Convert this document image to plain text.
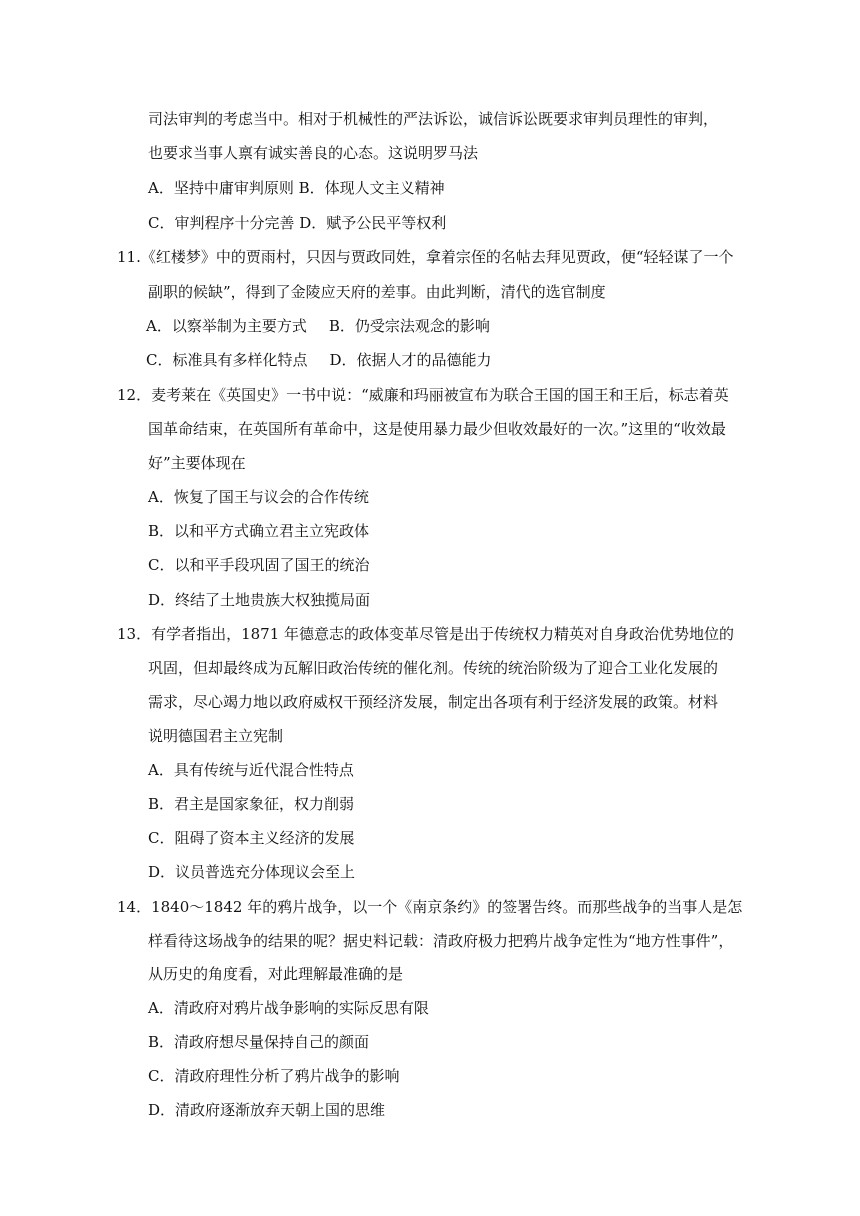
司法审判的考虑当中。相对于机械性的严法诉讼，诚信诉讼既要求审判员理性的审判，
也要求当事人禀有诚实善良的心态。这说明罗马法
A．坚持中庸审判原则 B．体现人文主义精神
C．审判程序十分完善 D．赋予公民平等权利
11.《红楼梦》中的贾雨村，只因与贾政同姓，拿着宗侄的名帖去拜见贾政，便“轻轻谋了一个
副职的候缺”，得到了金陵应天府的差事。由此判断，清代的选官制度
A．以察举制为主要方式 B．仍受宗法观念的影响
C．标准具有多样化特点 D．依据人才的品德能力
12．麦考莱在《英国史》一书中说：“威廉和玛丽被宣布为联合王国的国王和王后，标志着英
国革命结束，在英国所有革命中，这是使用暴力最少但收效最好的一次。”这里的“收效最
好”主要体现在
A．恢复了国王与议会的合作传统
B．以和平方式确立君主立宪政体
C．以和平手段巩固了国王的统治
D．终结了土地贵族大权独揽局面
13．有学者指出，1871 年德意志的政体变革尽管是出于传统权力精英对自身政治优势地位的
巩固，但却最终成为瓦解旧政治传统的催化剂。传统的统治阶级为了迎合工业化发展的
需求，尽心竭力地以政府威权干预经济发展，制定出各项有利于经济发展的政策。材料
说明德国君主立宪制
A．具有传统与近代混合性特点
B．君主是国家象征，权力削弱
C．阻碍了资本主义经济的发展
D．议员普选充分体现议会至上
14．1840～1842 年的鸦片战争，以一个《南京条约》的签署告终。而那些战争的当事人是怎
样看待这场战争的结果的呢？据史料记载：清政府极力把鸦片战争定性为“地方性事件”，
从历史的角度看，对此理解最准确的是
A．清政府对鸦片战争影响的实际反思有限
B．清政府想尽量保持自己的颜面
C．清政府理性分析了鸦片战争的影响
D．清政府逐渐放弃天朝上国的思维
